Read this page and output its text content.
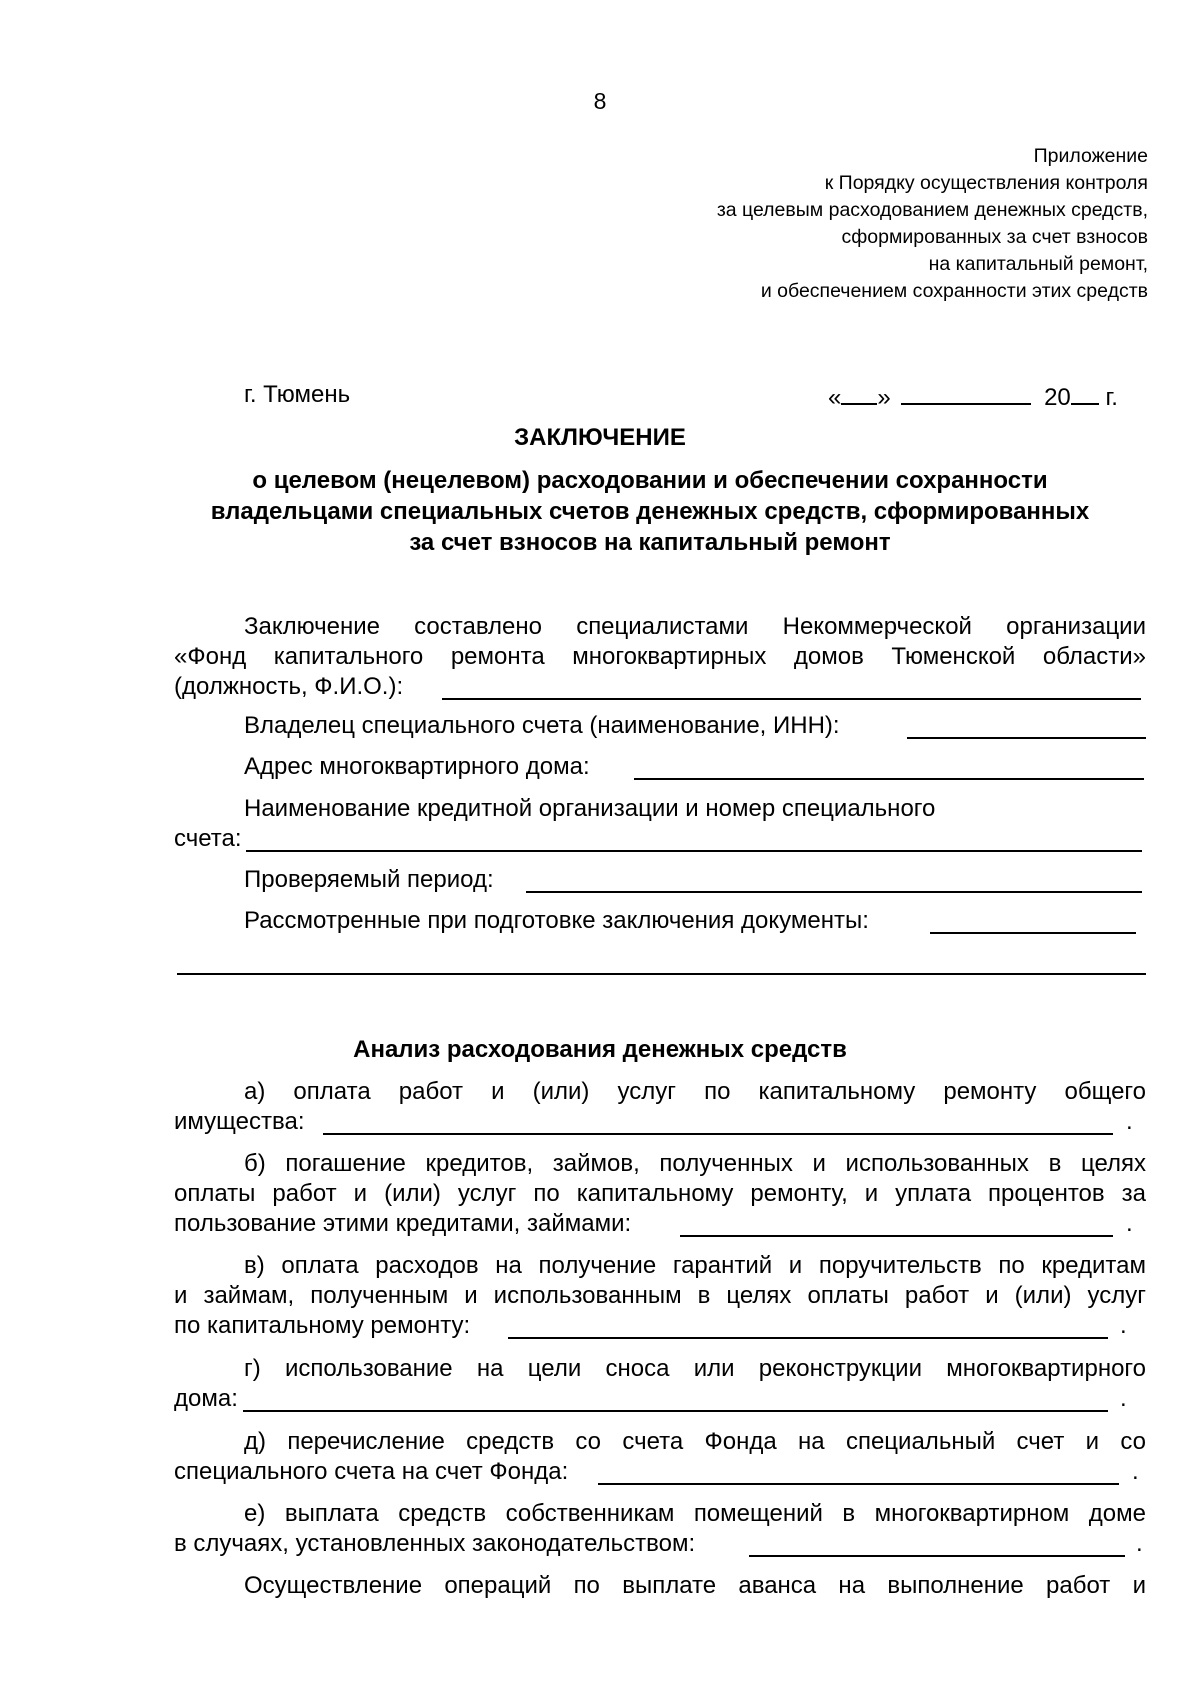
8
Приложение
к Порядку осуществления контроля
за целевым расходованием денежных средств,
сформированных за счет взносов
на капитальный ремонт,
и обеспечением сохранности этих средств
г. Тюмень	« »	20 г.
ЗАКЛЮЧЕНИЕ
о целевом (нецелевом) расходовании и обеспечении сохранности
владельцами специальных счетов денежных средств, сформированных
за счет взносов на капитальный ремонт
Заключение составлено специалистами Некоммерческой организации
«Фонд капитального ремонта многоквартирных домов Тюменской области»
(должность, Ф.И.О.):
Владелец специального счета (наименование, ИНН):
Адрес многоквартирного дома:
Наименование кредитной организации и номер специального
счета:
Проверяемый период:
Рассмотренные при подготовке заключения документы:
Анализ расходования денежных средств
а) оплата работ и (или) услуг по капитальному ремонту общего
имущества:	.
б) погашение кредитов, займов, полученных и использованных в целях
оплаты работ и (или) услуг по капитальному ремонту, и уплата процентов за
пользование этими кредитами, займами:	.
в) оплата расходов на получение гарантий и поручительств по кредитам
и займам, полученным и использованным в целях оплаты работ и (или) услуг
по капитальному ремонту:	.
г) использование на цели сноса или реконструкции многоквартирного
дома:	.
д) перечисление средств со счета Фонда на специальный счет и со
специального счета на счет Фонда:	.
е) выплата средств собственникам помещений в многоквартирном доме
в случаях, установленных законодательством:	.
Осуществление операций по выплате аванса на выполнение работ и
